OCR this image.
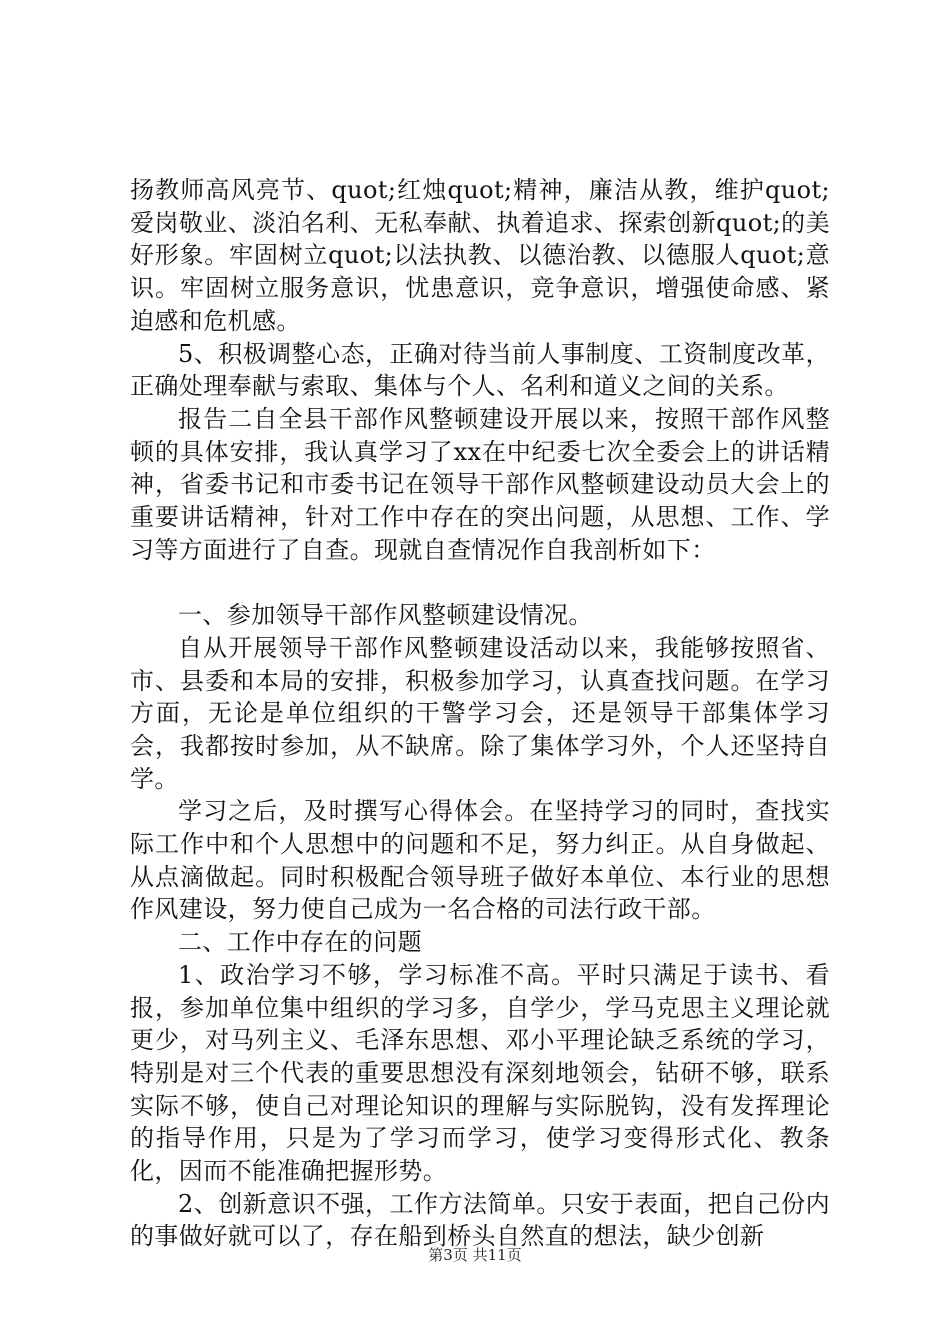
扬教师高风亮节、quot;红烛quot;精神，廉洁从教，维护quot;爱岗敬业、淡泊名利、无私奉献、执着追求、探索创新quot;的美好形象。牢固树立quot;以法执教、以德治教、以德服人quot;意识。牢固树立服务意识，忧患意识，竞争意识，增强使命感、紧迫感和危机感。

5、积极调整心态，正确对待当前人事制度、工资制度改革，正确处理奉献与索取、集体与个人、名利和道义之间的关系。

报告二自全县干部作风整顿建设开展以来，按照干部作风整顿的具体安排，我认真学习了xx在中纪委七次全委会上的讲话精神，省委书记和市委书记在领导干部作风整顿建设动员大会上的重要讲话精神，针对工作中存在的突出问题，从思想、工作、学习等方面进行了自查。现就自查情况作自我剖析如下：

一、参加领导干部作风整顿建设情况。

自从开展领导干部作风整顿建设活动以来，我能够按照省、市、县委和本局的安排，积极参加学习，认真查找问题。在学习方面，无论是单位组织的干警学习会，还是领导干部集体学习会，我都按时参加，从不缺席。除了集体学习外，个人还坚持自学。

学习之后，及时撰写心得体会。在坚持学习的同时，查找实际工作中和个人思想中的问题和不足，努力纠正。从自身做起、从点滴做起。同时积极配合领导班子做好本单位、本行业的思想作风建设，努力使自己成为一名合格的司法行政干部。

二、工作中存在的问题

1、政治学习不够，学习标准不高。平时只满足于读书、看报，参加单位集中组织的学习多，自学少，学马克思主义理论就更少，对马列主义、毛泽东思想、邓小平理论缺乏系统的学习，特别是对三个代表的重要思想没有深刻地领会，钻研不够，联系实际不够，使自己对理论知识的理解与实际脱钩，没有发挥理论的指导作用，只是为了学习而学习，使学习变得形式化、教条化，因而不能准确把握形势。

2、创新意识不强，工作方法简单。只安于表面，把自己份内的事做好就可以了，存在船到桥头自然直的想法，缺少创新

第3页 共11页
